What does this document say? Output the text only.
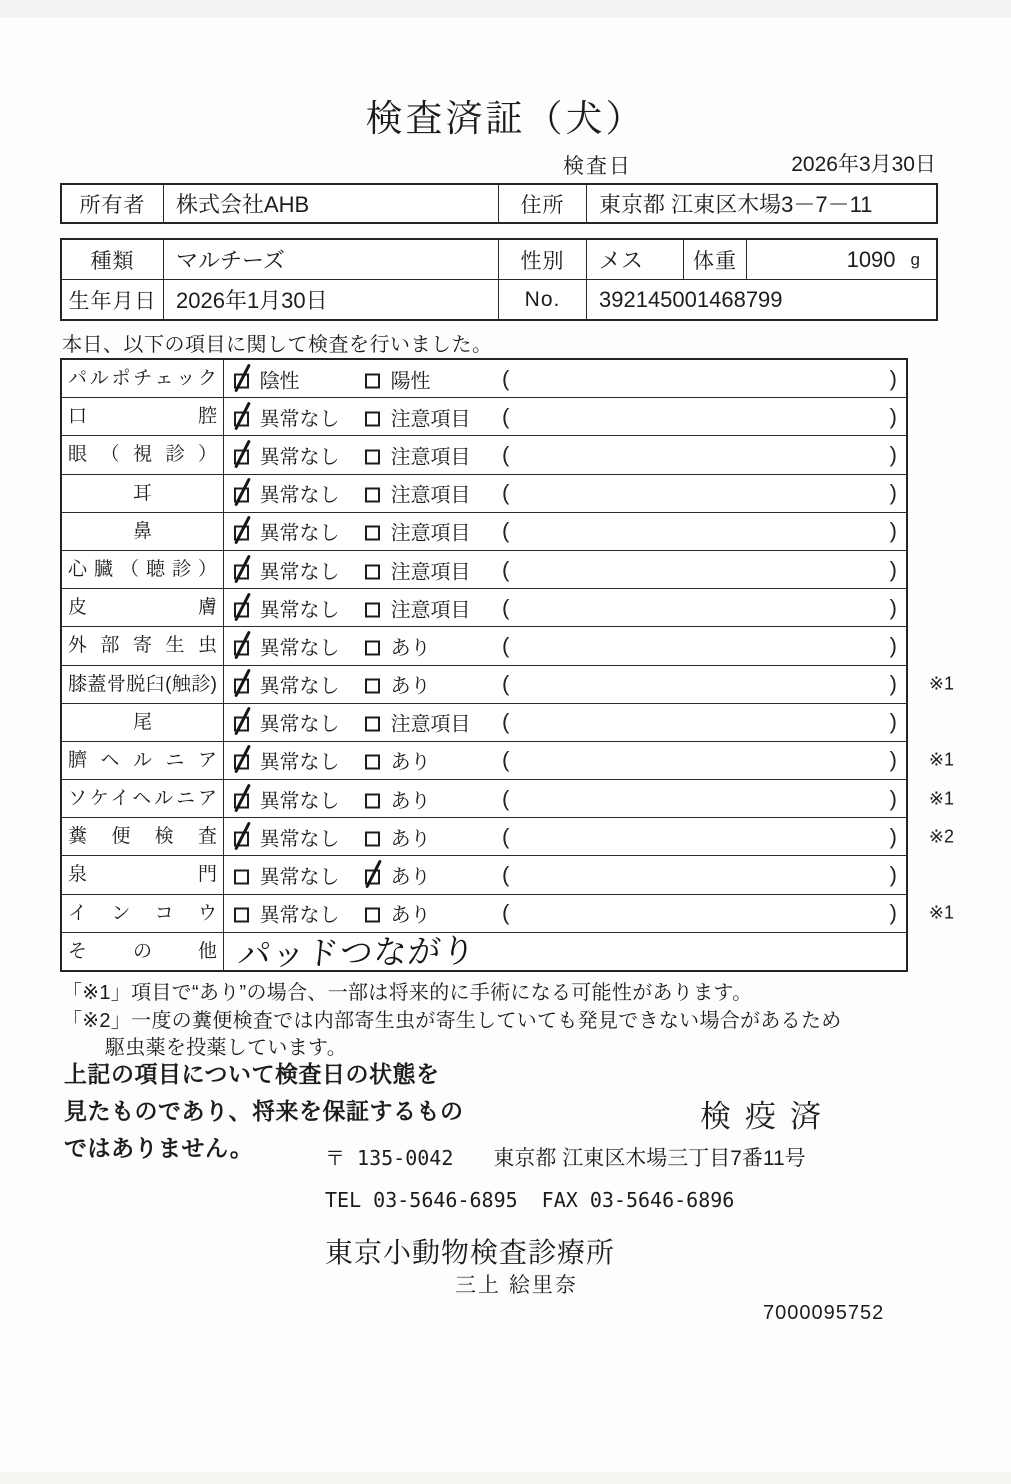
検査済証（犬）
検査日	2026年3月30日
所有者	株式会社AHB	住所	東京都 江東区木場3－7－11
種類	マルチーズ	性別	メス	体重	1090 g
生年月日 2026年1月30日	No.	392145001468799
本日、以下の項目に関して検査を行いました。
パルポチェック	陰性	陽性	(	)
口腔	異常なし	注意項目 (	)
眼（視診）	異常なし	注意項目 (	)
耳	異常なし	注意項目 (	)
鼻	異常なし	注意項目 (	)
心臓（聴診）	異常なし	注意項目 (	)
皮膚	異常なし	注意項目 (	)
外部寄生虫	異常なし	あり	(	)
膝蓋骨脱臼(触診)	異常なし	あり	(	) ※1
尾	異常なし	注意項目 (	)
臍ヘルニア	異常なし	あり	(	) ※1
ソケイヘルニア	異常なし	あり	(	) ※1
糞便検査	異常なし	あり	(	) ※2
泉門	異常なし	あり	(	)
インコウ	異常なし	あり	(	) ※1
その他 パッドつながり
「※1」項目で“あり”の場合、一部は将来的に手術になる可能性があります。
「※2」一度の糞便検査では内部寄生虫が寄生していても発見できない場合があるため
駆虫薬を投薬しています。
上記の項目について検査日の状態を
見たものであり、将来を保証するもの
ではありません。
検疫済
〒 135-0042 東京都 江東区木場三丁目7番11号
TEL 03-5646-6895 FAX 03-5646-6896
東京小動物検査診療所
三上 絵里奈
7000095752
